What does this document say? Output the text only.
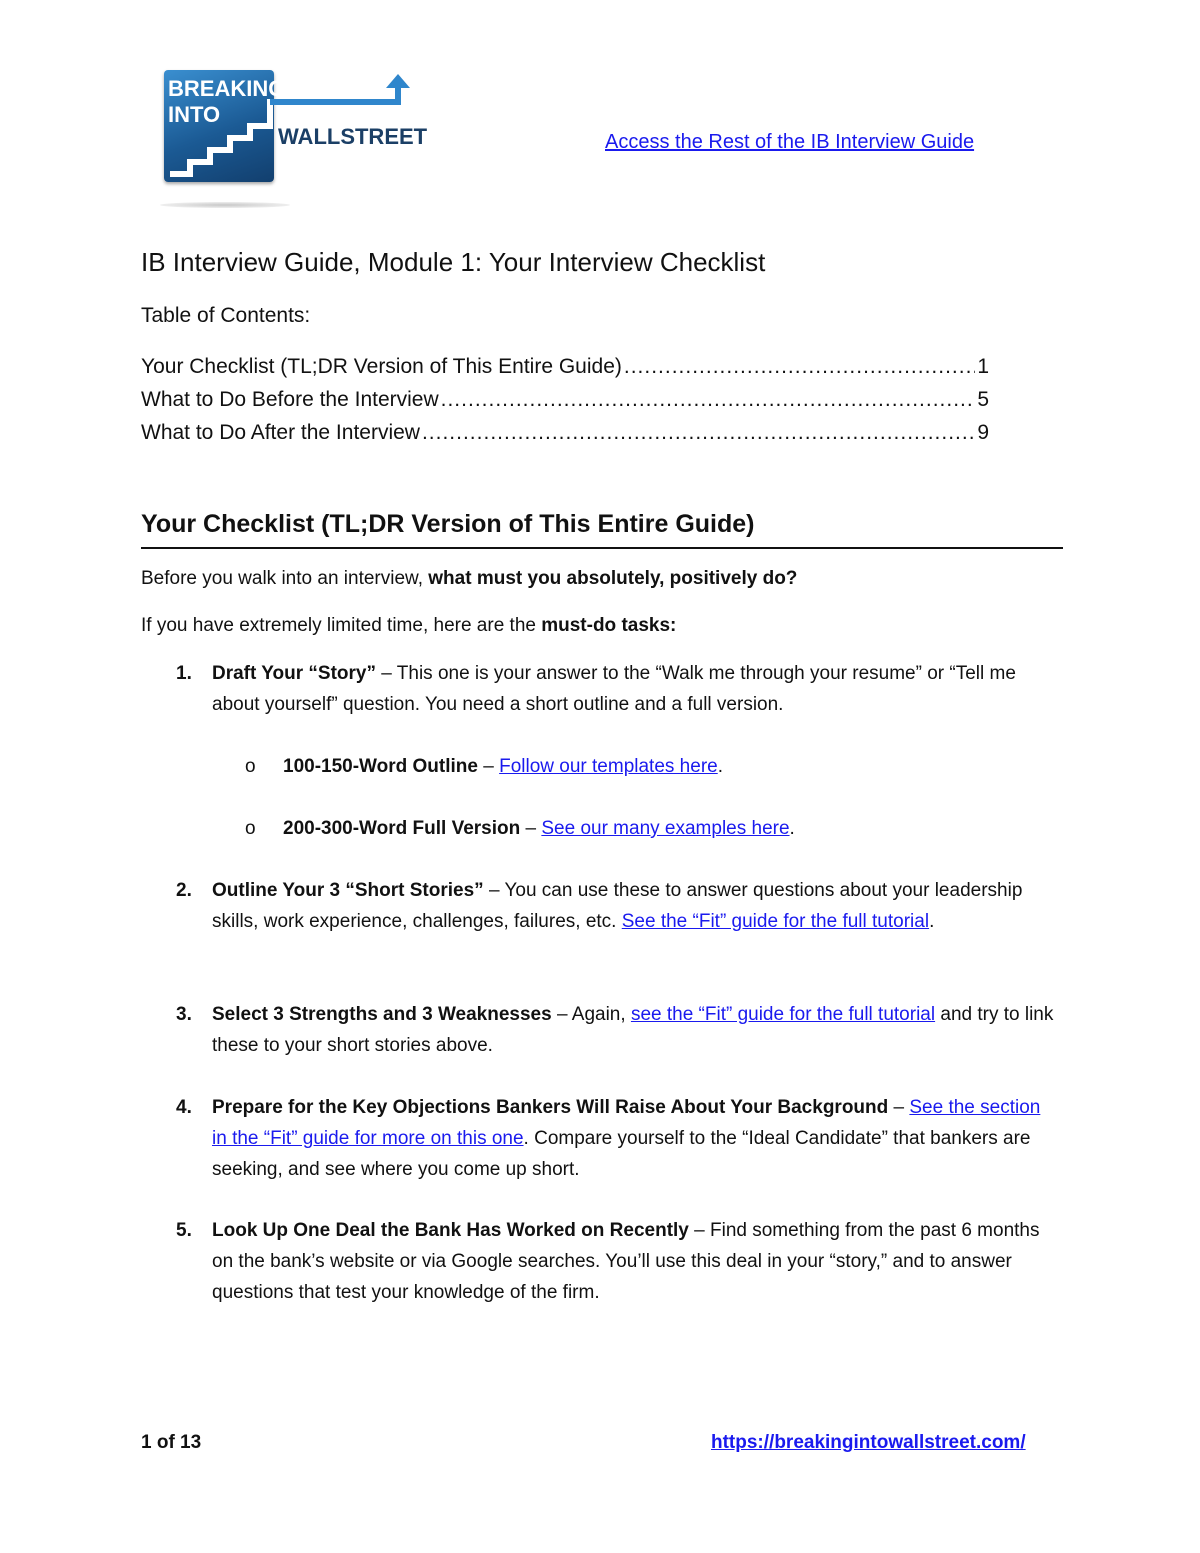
BREAKING
INTO
WALLSTREET	Access the Rest of the IB Interview Guide
IB Interview Guide, Module 1: Your Interview Checklist

Table of Contents:

Your Checklist (TL;DR Version of This Entire Guide) .....	1
What to Do Before the Interview .....	5
What to Do After the Interview .....	9
Your Checklist (TL;DR Version of This Entire Guide)

Before you walk into an interview, what must you absolutely, positively do?

If you have extremely limited time, here are the must-do tasks:

1. Draft Your “Story” – This one is your answer to the “Walk me through your resume” or “Tell me about yourself” question. You need a short outline and a full version.
o 100-150-Word Outline – Follow our templates here.
o 200-300-Word Full Version – See our many examples here.
2. Outline Your 3 “Short Stories” – You can use these to answer questions about your leadership skills, work experience, challenges, failures, etc. See the “Fit” guide for the full tutorial.
3. Select 3 Strengths and 3 Weaknesses – Again, see the “Fit” guide for the full tutorial and try to link these to your short stories above.
4. Prepare for the Key Objections Bankers Will Raise About Your Background – See the section in the “Fit” guide for more on this one. Compare yourself to the “Ideal Candidate” that bankers are seeking, and see where you come up short.
5. Look Up One Deal the Bank Has Worked on Recently – Find something from the past 6 months on the bank’s website or via Google searches. You’ll use this deal in your “story,” and to answer questions that test your knowledge of the firm.
1 of 13	https://breakingintowallstreet.com/
